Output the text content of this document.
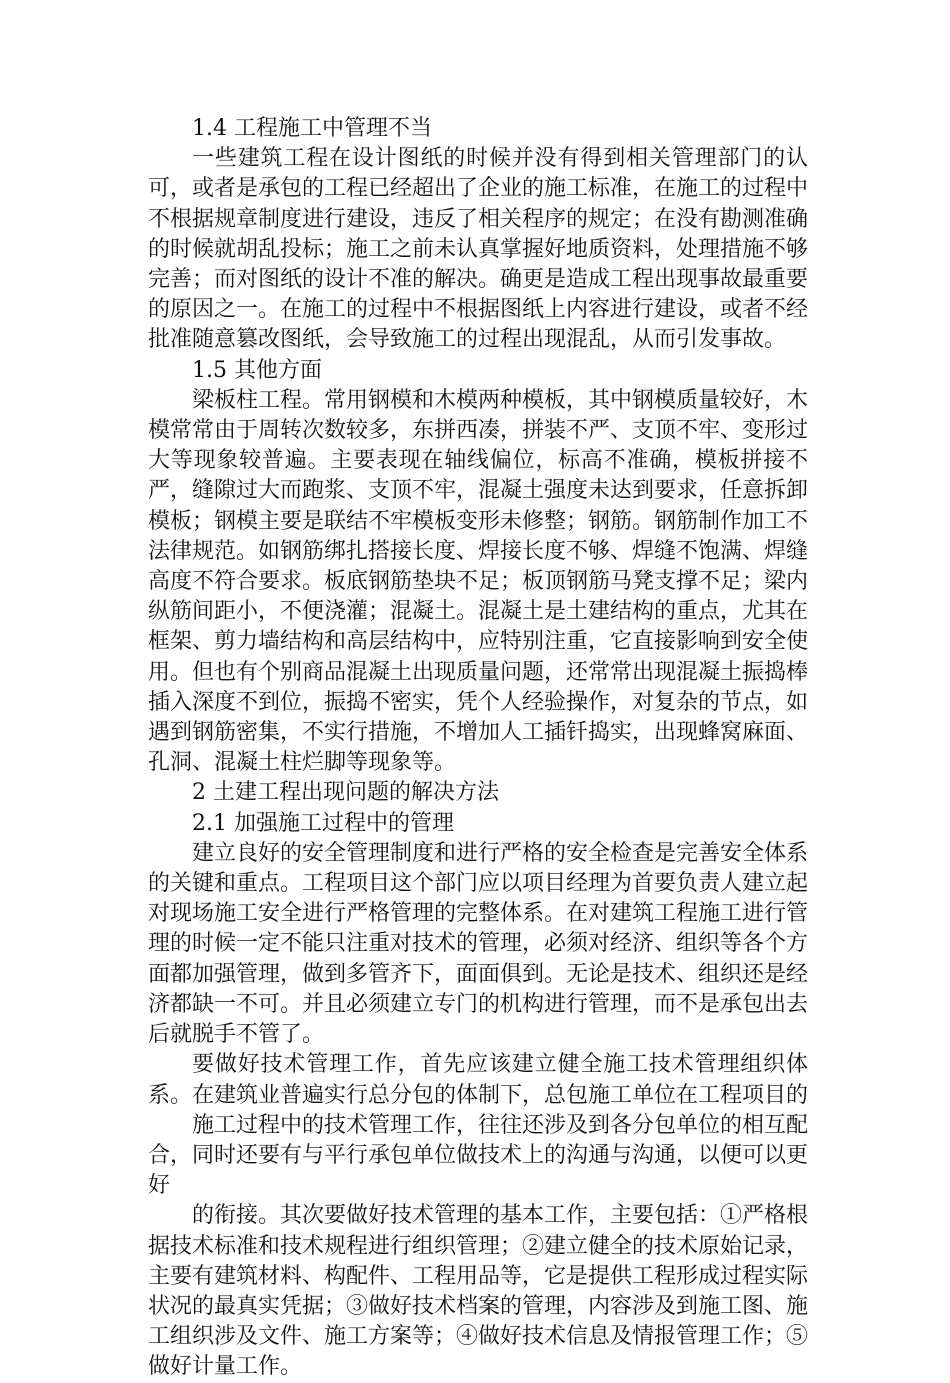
1.4 工程施工中管理不当

一些建筑工程在设计图纸的时候并没有得到相关管理部门的认可，或者是承包的工程已经超出了企业的施工标准，在施工的过程中不根据规章制度进行建设，违反了相关程序的规定；在没有勘测准确的时候就胡乱投标；施工之前未认真掌握好地质资料，处理措施不够完善；而对图纸的设计不准的解决。确更是造成工程出现事故最重要的原因之一。在施工的过程中不根据图纸上内容进行建设，或者不经批准随意篡改图纸，会导致施工的过程出现混乱，从而引发事故。

1.5 其他方面

梁板柱工程。常用钢模和木模两种模板，其中钢模质量较好，木模常常由于周转次数较多，东拼西凑，拼装不严、支顶不牢、变形过大等现象较普遍。主要表现在轴线偏位，标高不准确，模板拼接不严，缝隙过大而跑浆、支顶不牢，混凝土强度未达到要求，任意拆卸模板；钢模主要是联结不牢模板变形未修整；钢筋。钢筋制作加工不法律规范。如钢筋绑扎搭接长度、焊接长度不够、焊缝不饱满、焊缝高度不符合要求。板底钢筋垫块不足；板顶钢筋马凳支撑不足；梁内纵筋间距小，不便浇灌；混凝土。混凝土是土建结构的重点，尤其在框架、剪力墙结构和高层结构中，应特别注重，它直接影响到安全使用。但也有个别商品混凝土出现质量问题，还常常出现混凝土振捣棒插入深度不到位，振捣不密实，凭个人经验操作，对复杂的节点，如遇到钢筋密集，不实行措施，不增加人工插钎捣实，出现蜂窝麻面、孔洞、混凝土柱烂脚等现象等。

2 土建工程出现问题的解决方法

2.1 加强施工过程中的管理

建立良好的安全管理制度和进行严格的安全检查是完善安全体系的关键和重点。工程项目这个部门应以项目经理为首要负责人建立起对现场施工安全进行严格管理的完整体系。在对建筑工程施工进行管理的时候一定不能只注重对技术的管理，必须对经济、组织等各个方面都加强管理，做到多管齐下，面面俱到。无论是技术、组织还是经济都缺一不可。并且必须建立专门的机构进行管理，而不是承包出去后就脱手不管了。

要做好技术管理工作，首先应该建立健全施工技术管理组织体系。在建筑业普遍实行总分包的体制下，总包施工单位在工程项目的

施工过程中的技术管理工作，往往还涉及到各分包单位的相互配合，同时还要有与平行承包单位做技术上的沟通与沟通，以便可以更好

的衔接。其次要做好技术管理的基本工作，主要包括：①严格根据技术标准和技术规程进行组织管理；②建立健全的技术原始记录，主要有建筑材料、构配件、工程用品等，它是提供工程形成过程实际状况的最真实凭据；③做好技术档案的管理，内容涉及到施工图、施工组织涉及文件、施工方案等；④做好技术信息及情报管理工作；⑤做好计量工作。
